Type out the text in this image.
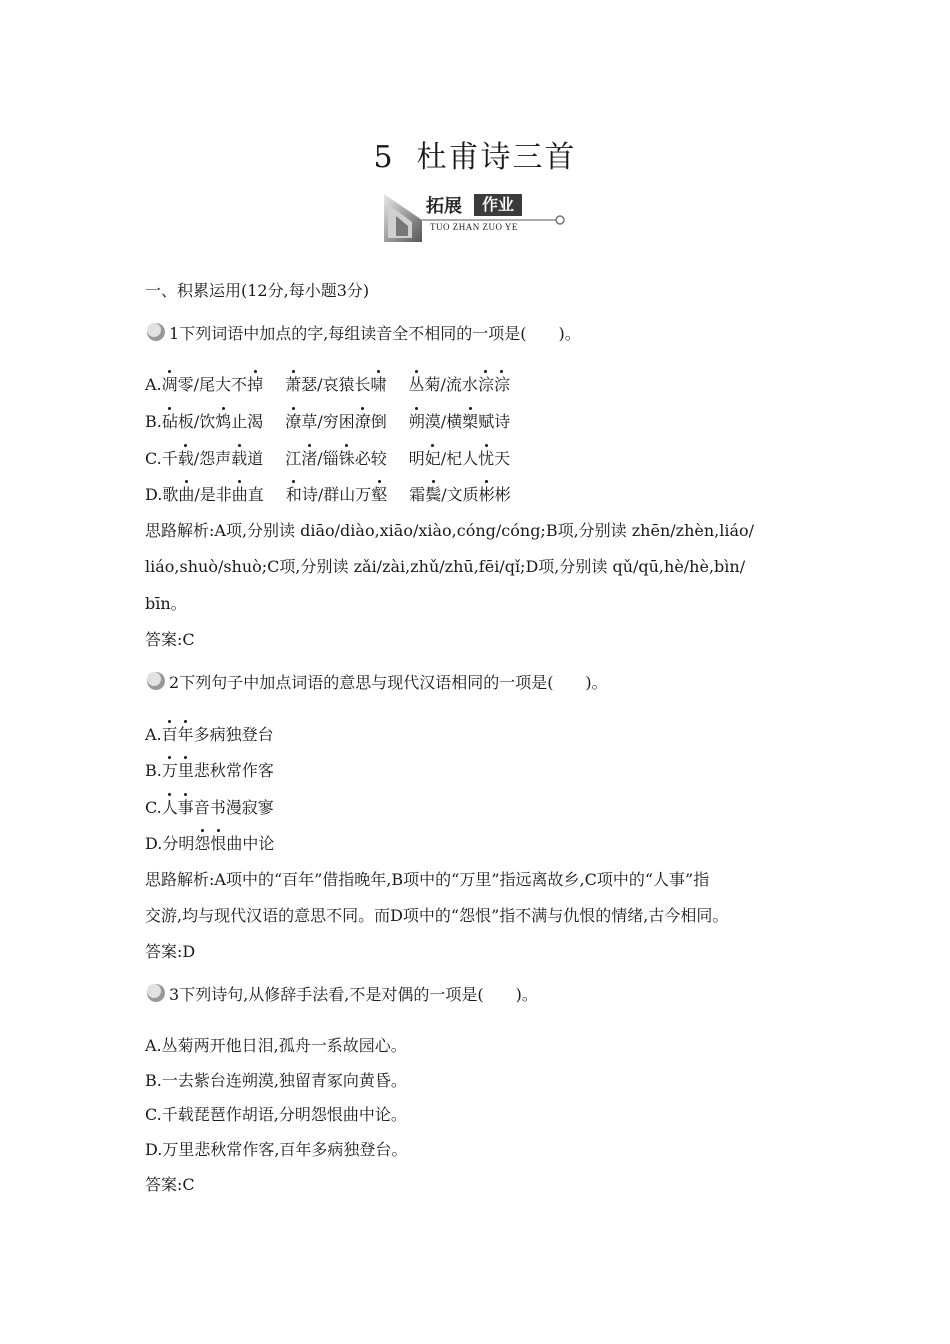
5 杜甫诗三首
拓展	作业
TUO ZHAN ZUO YE
一、积累运用(12分,每小题3分)
1下列词语中加点的字,每组读音全不相同的一项是(　　)。
A.凋零/尾大不掉 萧瑟/哀猿长啸 丛菊/流水淙淙
B.砧板/饮鸩止渴 潦草/穷困潦倒 朔漠/横槊赋诗
C.千载/怨声载道 江渚/锱铢必较 明妃/杞人忧天
D.歌曲/是非曲直 和诗/群山万壑 霜鬓/文质彬彬
思路解析:A项,分别读 diāo/diào,xiāo/xiào,cóng/cóng;B项,分别读 zhēn/zhèn,liáo/
liáo,shuò/shuò;C项,分别读 zǎi/zài,zhǔ/zhū,fēi/qǐ;D项,分别读 qǔ/qū,hè/hè,bìn/
bīn。
答案:C
2下列句子中加点词语的意思与现代汉语相同的一项是(　　)。
A.百年多病独登台
B.万里悲秋常作客
C.人事音书漫寂寥
D.分明怨恨曲中论
思路解析:A项中的“百年”借指晚年,B项中的“万里”指远离故乡,C项中的“人事”指
交游,均与现代汉语的意思不同。而D项中的“怨恨”指不满与仇恨的情绪,古今相同。
答案:D
3下列诗句,从修辞手法看,不是对偶的一项是(　　)。
A.丛菊两开他日泪,孤舟一系故园心。
B.一去紫台连朔漠,独留青冢向黄昏。
C.千载琵琶作胡语,分明怨恨曲中论。
D.万里悲秋常作客,百年多病独登台。
答案:C
